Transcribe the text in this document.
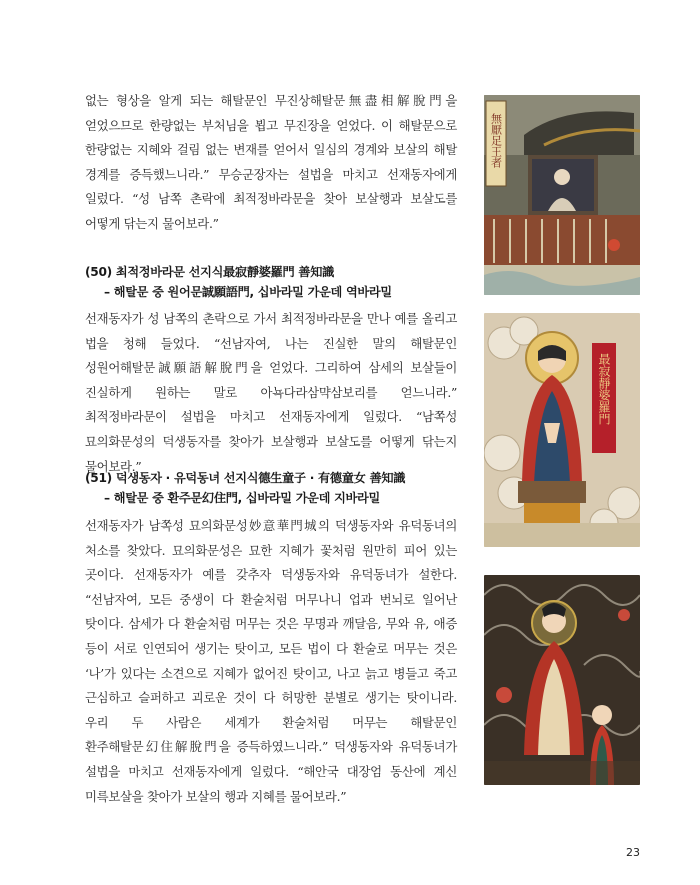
없는 형상을 알게 되는 해탈문인 무진상해탈문無盡相解脫門을 얻었으므로 한량없는 부처님을 뵙고 무진장을 얻었다. 이 해탈문으로 한량없는 지혜와 걸림 없는 변재를 얻어서 일심의 경계와 보살의 해탈 경계를 증득했느니라.” 무승군장자는 설법을 마치고 선재동자에게 일렀다. “성 남쪽 촌락에 최적정바라문을 찾아 보살행과 보살도를 어떻게 닦는지 물어보라.”

(50) 최적정바라문 선지식最寂靜婆羅門 善知識
– 해탈문 중 원어문誠願語門, 십바라밀 가운데 역바라밀

선재동자가 성 남쪽의 촌락으로 가서 최적정바라문을 만나 예를 올리고 법을 청해 들었다. “선남자여, 나는 진실한 말의 해탈문인 성원어해탈문誠願語解脫門을 얻었다. 그리하여 삼세의 보살들이 진실하게 원하는 말로 아뇩다라삼먁삼보리를 얻느니라.” 최적정바라문이 설법을 마치고 선재동자에게 일렀다. “남쪽성 묘의화문성의 덕생동자를 찾아가 보살행과 보살도를 어떻게 닦는지 물어보라.”

(51) 덕생동자 · 유덕동녀 선지식德生童子 · 有德童女 善知識
– 해탈문 중 환주문幻住門, 십바라밀 가운데 지바라밀

선재동자가 남쪽성 묘의화문성妙意華門城의 덕생동자와 유덕동녀의 처소를 찾았다. 묘의화문성은 묘한 지혜가 꽃처럼 원만히 피어 있는 곳이다. 선재동자가 예를 갖추자 덕생동자와 유덕동녀가 설한다. “선남자여, 모든 중생이 다 환술처럼 머무나니 업과 번뇌로 일어난 탓이다. 삼세가 다 환술처럼 머무는 것은 무명과 깨달음, 무와 유, 애증 등이 서로 인연되어 생기는 탓이고, 모든 법이 다 환술로 머무는 것은 ‘나’가 있다는 소견으로 지혜가 없어진 탓이고, 나고 늙고 병들고 죽고 근심하고 슬퍼하고 괴로운 것이 다 허망한 분별로 생기는 탓이니라. 우리 두 사람은 세계가 환술처럼 머무는 해탈문인 환주해탈문幻住解脫門을 증득하였느니라.” 덕생동자와 유덕동녀가 설법을 마치고 선재동자에게 일렀다. “해안국 대장엄 동산에 계신 미륵보살을 찾아가 보살의 행과 지혜를 물어보라.”

無厭足王者
最寂靜婆羅門
23
